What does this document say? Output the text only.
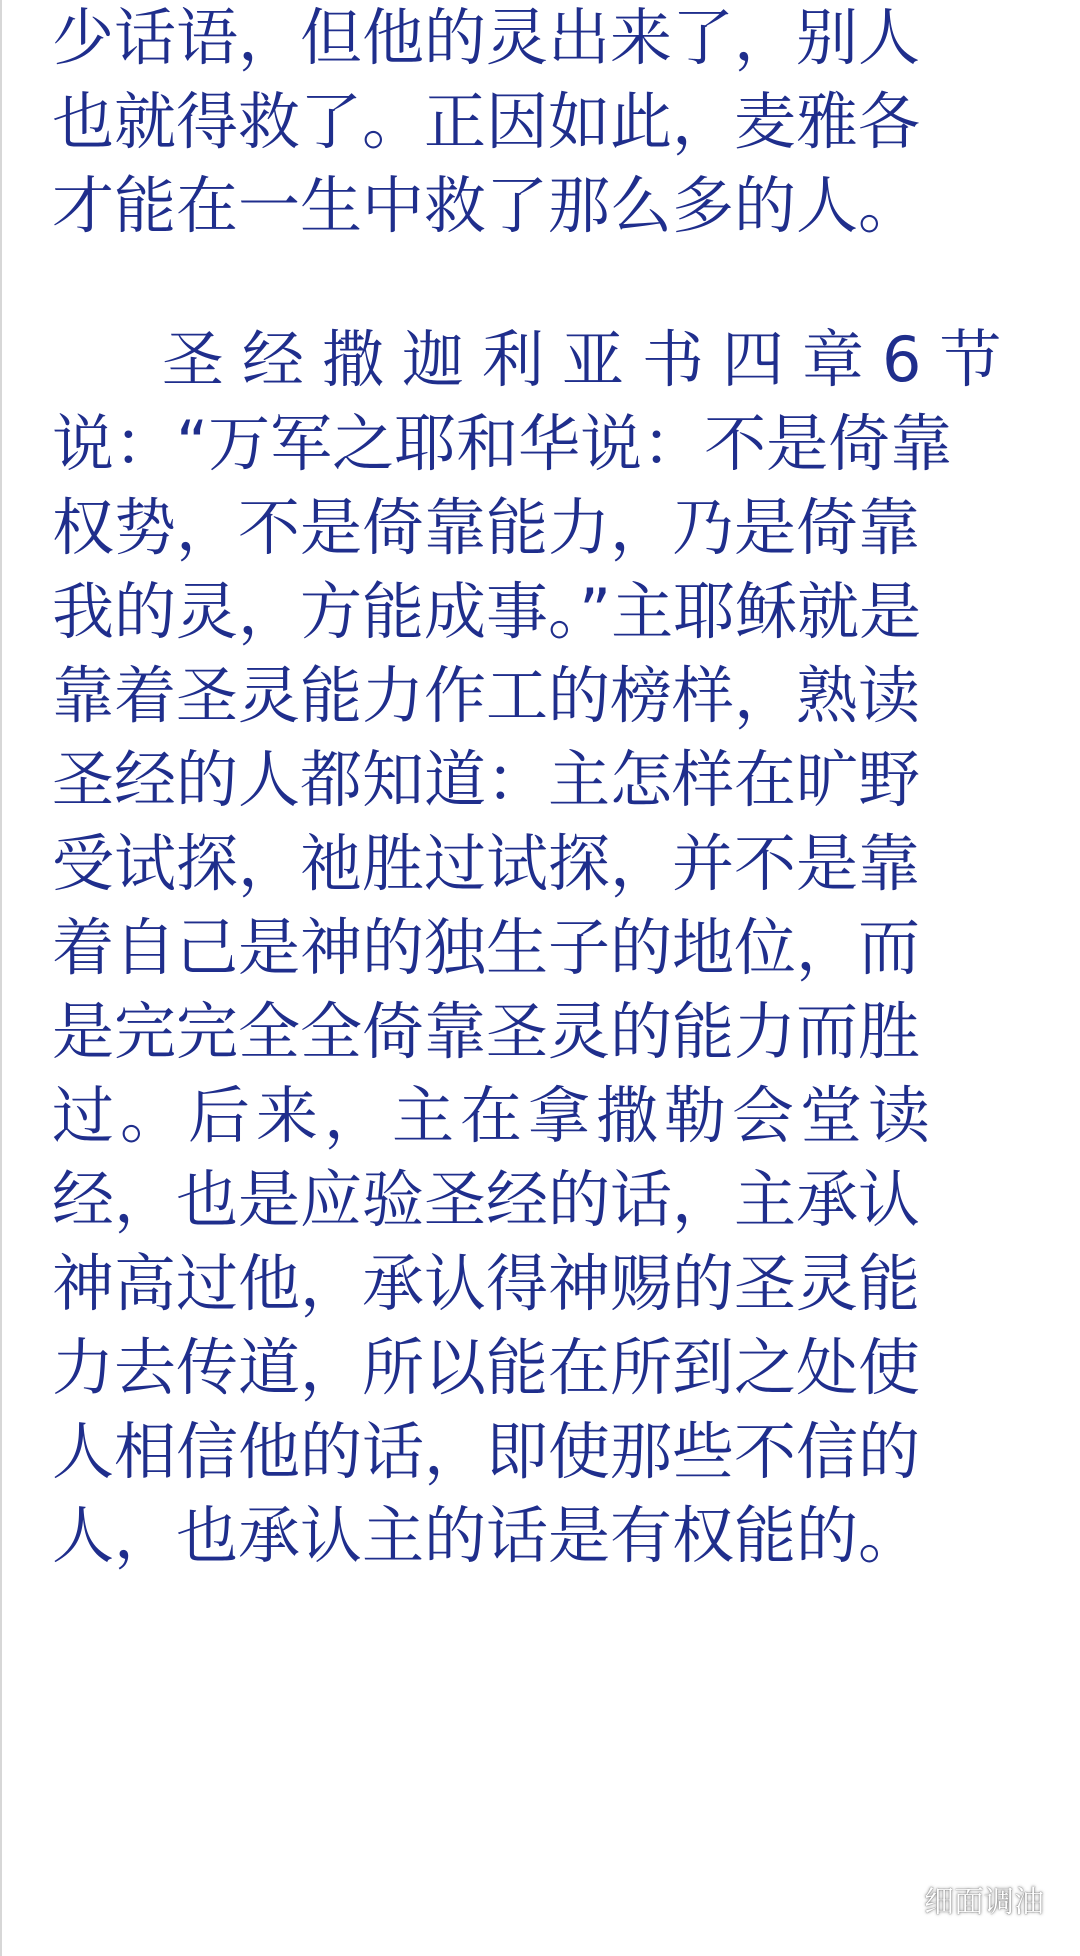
少话语，但他的灵出来了，别人
也就得救了。正因如此，麦雅各
才能在一生中救了那么多的人。
圣经撒迦利亚书四章6节
说：“万军之耶和华说：不是倚靠
权势，不是倚靠能力，乃是倚靠
我的灵，方能成事。”主耶稣就是
靠着圣灵能力作工的榜样，熟读
圣经的人都知道：主怎样在旷野
受试探，祂胜过试探，并不是靠
着自己是神的独生子的地位，而
是完完全全倚靠圣灵的能力而胜
过。后来，主在拿撒勒会堂读
经，也是应验圣经的话，主承认
神高过他，承认得神赐的圣灵能
力去传道，所以能在所到之处使
人相信他的话，即使那些不信的
人，也承认主的话是有权能的。
细面调油
